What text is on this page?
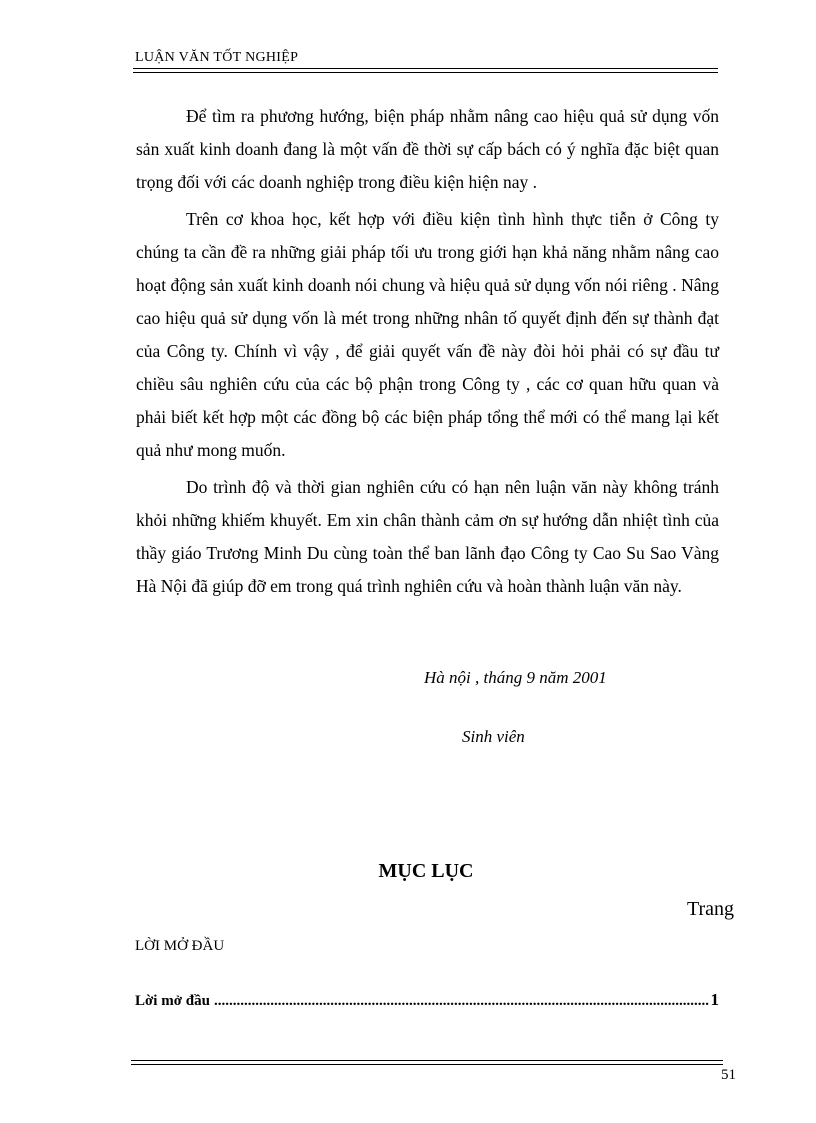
LUẬN VĂN TỐT NGHIỆP

Để tìm ra phương hướng, biện pháp nhằm nâng cao hiệu quả sử dụng vốn sản xuất kinh doanh đang là một vấn đề thời sự cấp bách có ý nghĩa đặc biệt quan trọng đối với các doanh nghiệp trong điều kiện hiện nay .

Trên cơ khoa học, kết hợp với điều kiện tình hình thực tiễn ở Công ty chúng ta cần đề ra những giải pháp tối ưu trong giới hạn khả năng nhằm nâng cao hoạt động sản xuất kinh doanh nói chung và hiệu quả sử dụng vốn nói riêng . Nâng cao hiệu quả sử dụng vốn là mét trong những nhân tố quyết định đến sự thành đạt của Công ty. Chính vì vậy , để giải quyết vấn đề này đòi hỏi phải có sự đầu tư chiều sâu nghiên cứu của các bộ phận trong Công ty , các cơ quan hữu quan và phải biết kết hợp một các đồng bộ các biện pháp tổng thể mới có thể mang lại kết quả như mong muốn.

Do trình độ và thời gian nghiên cứu có hạn nên luận văn này không tránh khỏi những khiếm khuyết. Em xin chân thành cảm ơn sự hướng dẫn nhiệt tình của thầy giáo Trương Minh Du cùng toàn thể ban lãnh đạo Công ty Cao Su Sao Vàng Hà Nội đã giúp đỡ em trong quá trình nghiên cứu và hoàn thành luận văn này.

Hà nội , tháng 9 năm 2001
Sinh viên
MỤC LỤC
Trang
LỜI MỞ ĐẦU
Lời mở đầu
.....	1
51
